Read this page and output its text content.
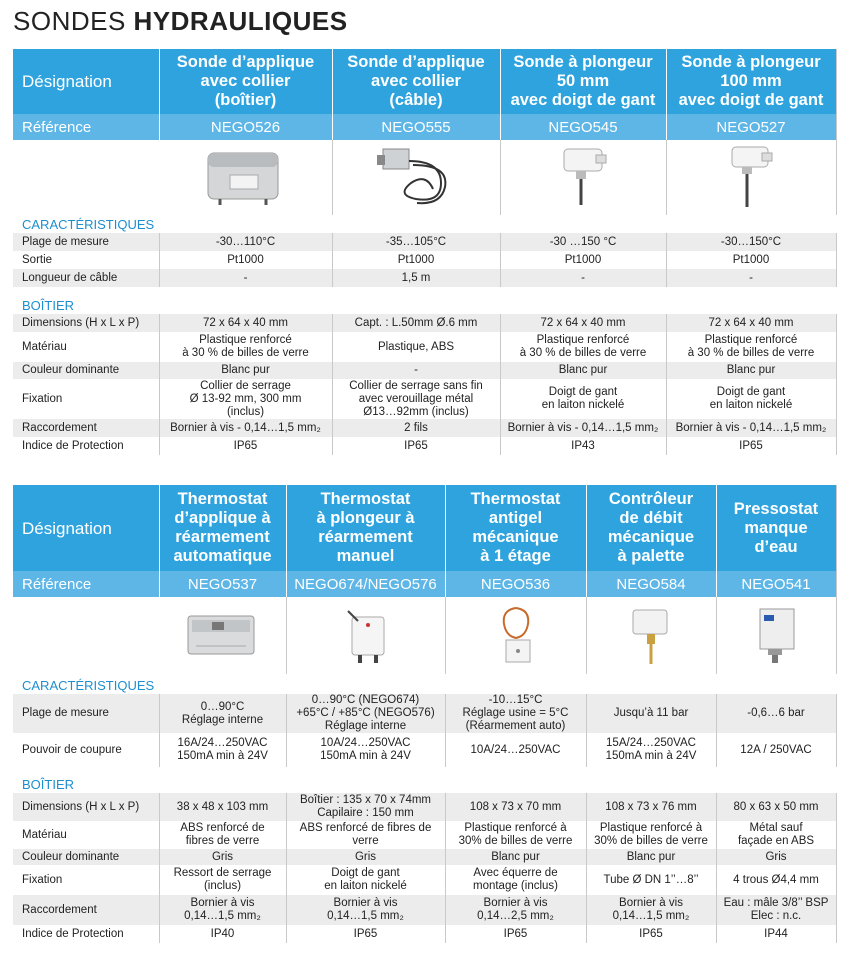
SONDES HYDRAULIQUES
Désignation	Sonde d’applique
avec collier
(boîtier)	Sonde d’applique
avec collier
(câble)	Sonde à plongeur
50 mm
avec doigt de gant	Sonde à plongeur
100 mm
avec doigt de gant

Référence	NEGO526	NEGO555	NEGO545	NEGO527

CARACTÉRISTIQUES				
Plage de mesure	-30…110°C	-35…105°C	-30 …150 °C	-30…150°C

Sortie	Pt1000	Pt1000	Pt1000	Pt1000

Longueur de câble	-	1,5 m	-	-

BOÎTIER				
Dimensions (H x L x P)	72 x 64 x 40 mm	Capt. : L.50mm Ø.6 mm	72 x 64 x 40 mm	72 x 64 x 40 mm

Matériau	Plastique renforcé
à 30 % de billes de verre	Plastique, ABS	Plastique renforcé
à 30 % de billes de verre	Plastique renforcé
à 30 % de billes de verre

Couleur dominante	Blanc pur	-	Blanc pur	Blanc pur

Fixation	Collier de serrage
Ø 13-92 mm, 300 mm
(inclus)	Collier de serrage sans fin
avec verouillage métal
Ø13…92mm (inclus)	Doigt de gant
en laiton nickelé	Doigt de gant
en laiton nickelé

Raccordement	Bornier à vis - 0,14…1,5 mm₂	2 fils	Bornier à vis - 0,14…1,5 mm₂	Bornier à vis - 0,14…1,5 mm₂

Indice de Protection	IP65	IP65	IP43	IP65
Désignation	Thermostat
d’applique à
réarmement
automatique	Thermostat
à plongeur à
réarmement
manuel	Thermostat
antigel
mécanique
à 1 étage	Contrôleur
de débit
mécanique
à palette	Pressostat
manque
d’eau

Référence	NEGO537	NEGO674/NEGO576	NEGO536	NEGO584	NEGO541

CARACTÉRISTIQUES					
Plage de mesure	0…90°C
Réglage interne	0…90°C (NEGO674)
+65°C / +85°C (NEGO576)
Réglage interne	-10…15°C
Réglage usine = 5°C
(Réarmement auto)	Jusqu’à 11 bar	-0,6…6 bar

Pouvoir de coupure	16A/24…250VAC
150mA min à 24V	10A/24…250VAC
150mA min à 24V	10A/24…250VAC	15A/24…250VAC
150mA min à 24V	12A / 250VAC

BOÎTIER					
Dimensions (H x L x P)	38 x 48 x 103 mm	Boîtier : 135 x 70 x 74mm
Capilaire : 150 mm	108 x 73 x 70 mm	108 x 73 x 76 mm	80 x 63 x 50 mm

Matériau	ABS renforcé de
fibres de verre	ABS renforcé de fibres de
verre	Plastique renforcé à
30% de billes de verre	Plastique renforcé à
30% de billes de verre	Métal sauf
façade en ABS

Couleur dominante	Gris	Gris	Blanc pur	Blanc pur	Gris

Fixation	Ressort de serrage
(inclus)	Doigt de gant
en laiton nickelé	Avec équerre de
montage (inclus)	Tube Ø DN 1’’…8’’	4 trous Ø4,4 mm

Raccordement	Bornier à vis
0,14…1,5 mm₂	Bornier à vis
0,14…1,5 mm₂	Bornier à vis
0,14…2,5 mm₂	Bornier à vis
0,14…1,5 mm₂	Eau : mâle 3/8’’ BSP
Elec : n.c.

Indice de Protection	IP40	IP65	IP65	IP65	IP44
